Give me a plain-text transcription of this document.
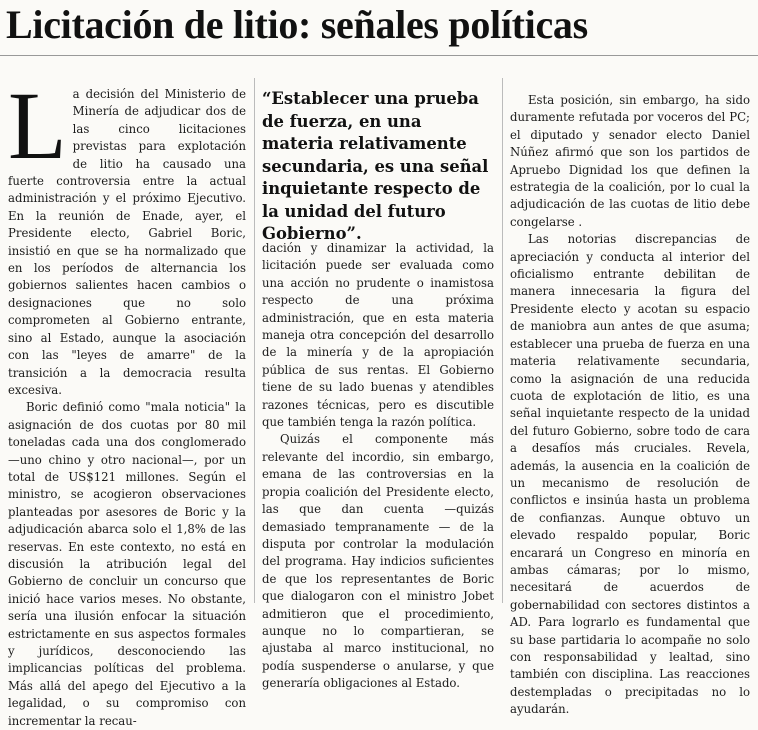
Licitación de litio: señales políticas
L a decisión del Ministerio de Minería de adjudicar dos de las cinco licitaciones previstas para explotación de litio ha causado una fuerte controversia entre la actual administración y el próximo Ejecutivo. En la reunión de Enade, ayer, el Presidente electo, Gabriel Boric, insistió en que se ha normalizado que en los períodos de alternancia los gobiernos salientes hacen cambios o designaciones que no solo comprometen al Gobierno entrante, sino al Estado, aunque la asociación con las "leyes de amarre" de la transición a la democracia resulta excesiva.

Boric definió como "mala noticia" la asignación de dos cuotas por 80 mil toneladas cada una dos conglomerado —uno chino y otro nacional—, por un total de US$121 millones. Según el ministro, se acogieron observaciones planteadas por asesores de Boric y la adjudicación abarca solo el 1,8% de las reservas. En este contexto, no está en discusión la atribución legal del Gobierno de concluir un concurso que inició hace varios meses. No obstante, sería una ilusión enfocar la situación estrictamente en sus aspectos formales y jurídicos, desconociendo las implicancias políticas del problema. Más allá del apego del Ejecutivo a la legalidad, o su compromiso con incrementar la recau-

“Establecer una prueba de fuerza, en una materia relativamente secundaria, es una señal inquietante respecto de la unidad del futuro Gobierno”.

dación y dinamizar la actividad, la licitación puede ser evaluada como una acción no prudente o inamistosa respecto de una próxima administración, que en esta materia maneja otra concepción del desarrollo de la minería y de la apropiación pública de sus rentas. El Gobierno tiene de su lado buenas y atendibles razones técnicas, pero es discutible que también tenga la razón política.

Quizás el componente más relevante del incordio, sin embargo, emana de las controversias en la propia coalición del Presidente electo, las que dan cuenta —quizás demasiado tempranamente — de la disputa por controlar la modulación del programa. Hay indicios suficientes de que los representantes de Boric que dialogaron con el ministro Jobet admitieron que el procedimiento, aunque no lo compartieran, se ajustaba al marco institucional, no podía suspenderse o anularse, y que generaría obligaciones al Estado.

Esta posición, sin embargo, ha sido duramente refutada por voceros del PC; el diputado y senador electo Daniel Núñez afirmó que son los partidos de Apruebo Dignidad los que definen la estrategia de la coalición, por lo cual la adjudicación de las cuotas de litio debe congelarse .

Las notorias discrepancias de apreciación y conducta al interior del oficialismo entrante debilitan de manera innecesaria la figura del Presidente electo y acotan su espacio de maniobra aun antes de que asuma; establecer una prueba de fuerza en una materia relativamente secundaria, como la asignación de una reducida cuota de explotación de litio, es una señal inquietante respecto de la unidad del futuro Gobierno, sobre todo de cara a desafíos más cruciales. Revela, además, la ausencia en la coalición de un mecanismo de resolución de conflictos e insinúa hasta un problema de confianzas. Aunque obtuvo un elevado respaldo popular, Boric encarará un Congreso en minoría en ambas cámaras; por lo mismo, necesitará de acuerdos de gobernabilidad con sectores distintos a AD. Para lograrlo es fundamental que su base partidaria lo acompañe no solo con responsabilidad y lealtad, sino también con disciplina. Las reacciones destempladas o precipitadas no lo ayudarán.
